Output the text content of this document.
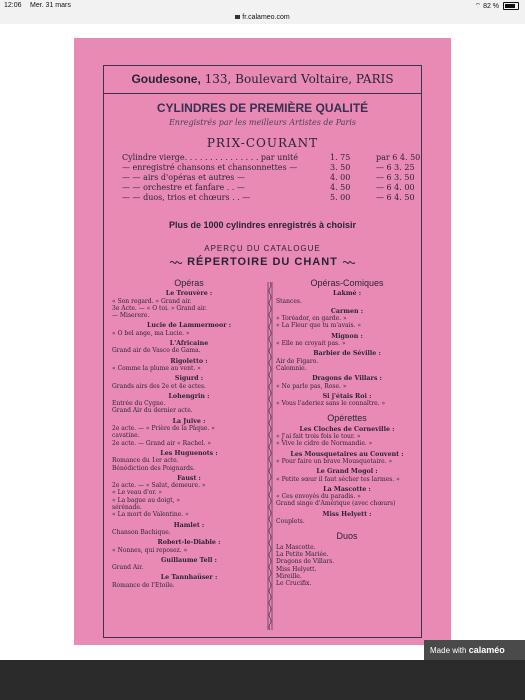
12:06 Mer. 31 mars	⌔ 82 %
fr.calameo.com
Goudesone, 133, Boulevard Voltaire, PARIS
CYLINDRES DE PREMIÈRE QUALITÉ
Enregistrés par les meilleurs Artistes de Paris
PRIX-COURANT
Cylindre vierge. . . . . . . . . . . . . . . par unité	1. 75	par 6 4. 50
— enregistré chansons et chansonnettes —	3. 50	— 6 3. 25
— — airs d'opéras et autres —	4. 00	— 6 3. 50
— — orchestre et fanfare . . —	4. 50	— 6 4. 00
— — duos, trios et chœurs . . —	5. 00	— 6 4. 50
Plus de 1000 cylindres enregistrés à choisir
APERÇU DU CATALOGUE
RÉPERTOIRE DU CHANT
Opéras
Le Trouvère :
« Son regard. » Grand air.
3e Acte. — « O toi. » Grand air.
— Miserere.
Lucie de Lammermoor :
« O bel ange, ma Lucie. »
L'Africaine
Grand air de Vasco de Gama.
Rigoletto :
« Comme la plume au vent. »
Sigurd :
Grands airs des 2e et 4e actes.
Lohengrin :
Entrée du Cygne.
Grand Air du dernier acte.
La Juive :
2e acte. — « Prière de la Pâque. »
cavatine.
2e acte. — Grand air « Rachel. »
Les Huguenots :
Romance du 1er acte.
Bénédiction des Poignards.
Faust :
2e acte. — « Salut, demeure. »
« Le veau d'or. »
« La bague au doigt, »
sérénade.
« La mort de Valentine. »
Hamlet :
Chanson Bachique.
Robert-le-Diable :
« Nonnes, qui reposez. »
Guillaume Tell :
Grand Air.
Le Tannhaüser :
Romance de l'Etoile.
Opéras-Comiques
Lakmé :
Stances.
Carmen :
« Toréador, en garde. »
« La Fleur que tu m'avais. »
Mignon :
« Elle ne croyait pas. »
Barbier de Séville :
Air de Figaro.
Calomnie.
Dragons de Villars :
« Ne parle pas, Rose. »
Si j'étais Roi :
« Vous l'aderiez sans le connaître. »
Opérettes
Les Cloches de Corneville :
« J'ai fait trois fois le tour. »
« Vive le cidre de Normandie. »
Les Mousquetaires au Couvent :
« Pour faire un brave Mousquetaire. »
Le Grand Mogol :
« Petite sœur il faut sécher tes larmes. »
La Mascotte :
« Ces envoyés du paradis. »
Grand singe d'Amérique (avec chœurs)
Miss Helyett :
Couplets.
Duos
La Mascotte.
La Petite Mariée.
Dragons de Villars.
Miss Helyett.
Mireille.
Le Crucifix.
Made with calaméo
